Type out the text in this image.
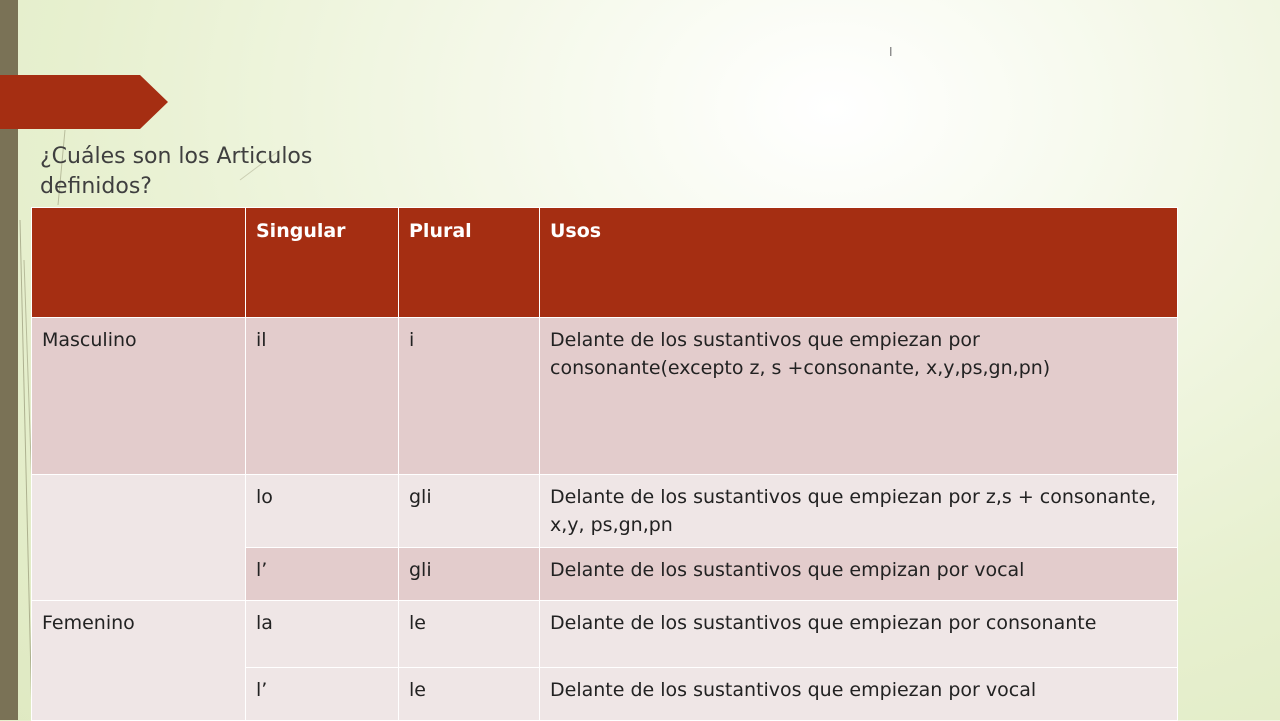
I
¿Cuáles son los Articulos definidos?
	Singular	Plural	Usos
Masculino	il	i	Delante de los sustantivos que empiezan por consonante(excepto z, s +consonante, x,y,ps,gn,pn)
	lo	gli	Delante de los sustantivos que empiezan por z,s + consonante, x,y, ps,gn,pn
	l’	gli	Delante de los sustantivos que empizan por vocal
Femenino	la	le	Delante de los sustantivos que empiezan por consonante
	l’	le	Delante de los sustantivos que empiezan por vocal
